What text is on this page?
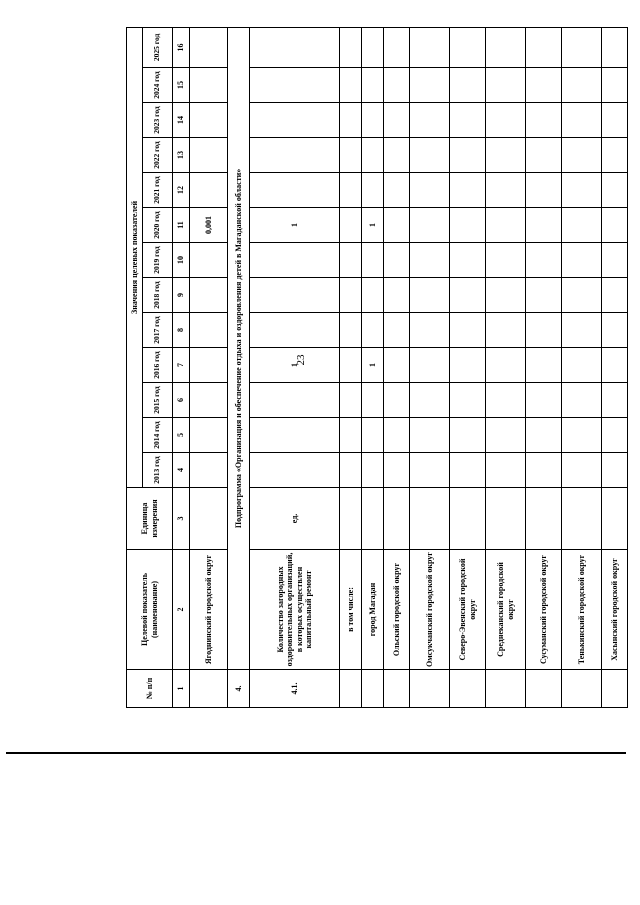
23
№ п/п	Целевой показатель (наименование)	Единица измерения	Значения целевых показателей												
			2013 год	2014 год	2015 год	2016 год	2017 год	2018 год	2019 год	2020 год	2021 год	2022 год	2023 год	2024 год	2025 год
1	2	3	4	5	6	7	8	9	10	11	12	13	14	15	16
	Ягоднинский городской округ									0,001					
4.	Подпрограмма «Организация и обеспечение отдыха и оздоровления детей в Магаданской области»														
4.1.	Количество загородных оздоровительных организаций, в которых осуществлен капитальный ремонт	ед.				1				1					
	в том числе:														
	город Магадан					1				1					
	Ольский городской округ														
	Омсукчанский городской округ														
	Северо-Эвенский городской округ														
	Среднеканский городской округ														
	Сусуманский городской округ														
	Тенькинский городской округ														
	Хасынский городской округ														
